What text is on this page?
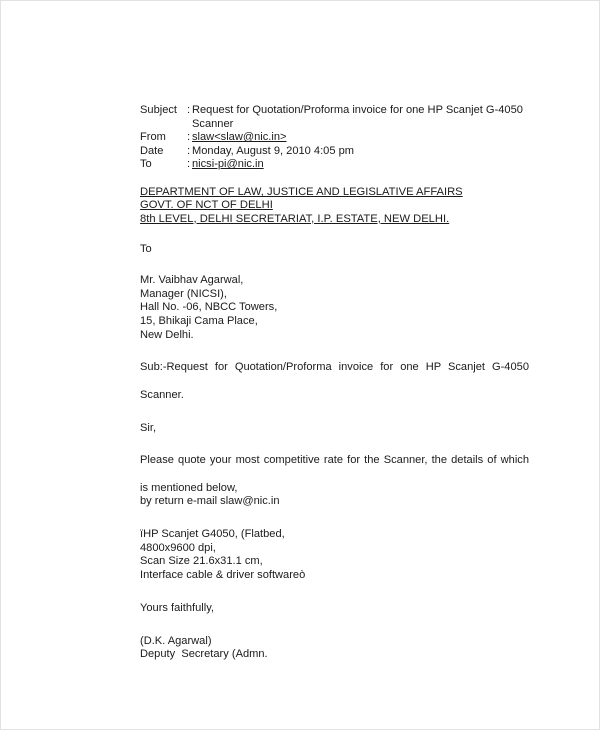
Subject	:	Request for Quotation/Proforma invoice for one HP Scanjet G-4050 Scanner
From	:	slaw<slaw@nic.in>
Date	:	Monday, August 9, 2010 4:05 pm
To	:	nicsi-pi@nic.in
DEPARTMENT OF LAW, JUSTICE AND LEGISLATIVE AFFAIRS
GOVT. OF NCT OF DELHI
8th LEVEL, DELHI SECRETARIAT, I.P. ESTATE, NEW DELHI.
To
Mr. Vaibhav Agarwal,
Manager (NICSI),
Hall No. -06, NBCC Towers,
15, Bhikaji Cama Place,
New Delhi.
Sub:-Request for Quotation/Proforma invoice for one HP Scanjet G-4050
Scanner.
Sir,
Please quote your most competitive rate for the Scanner, the details of which
is mentioned below,
by return e-mail slaw@nic.in
ïHP Scanjet G4050, (Flatbed,
4800x9600 dpi,
Scan Size 21.6x31.1 cm,
Interface cable & driver softwareò
Yours faithfully,
(D.K. Agarwal)
Deputy  Secretary (Admn.
